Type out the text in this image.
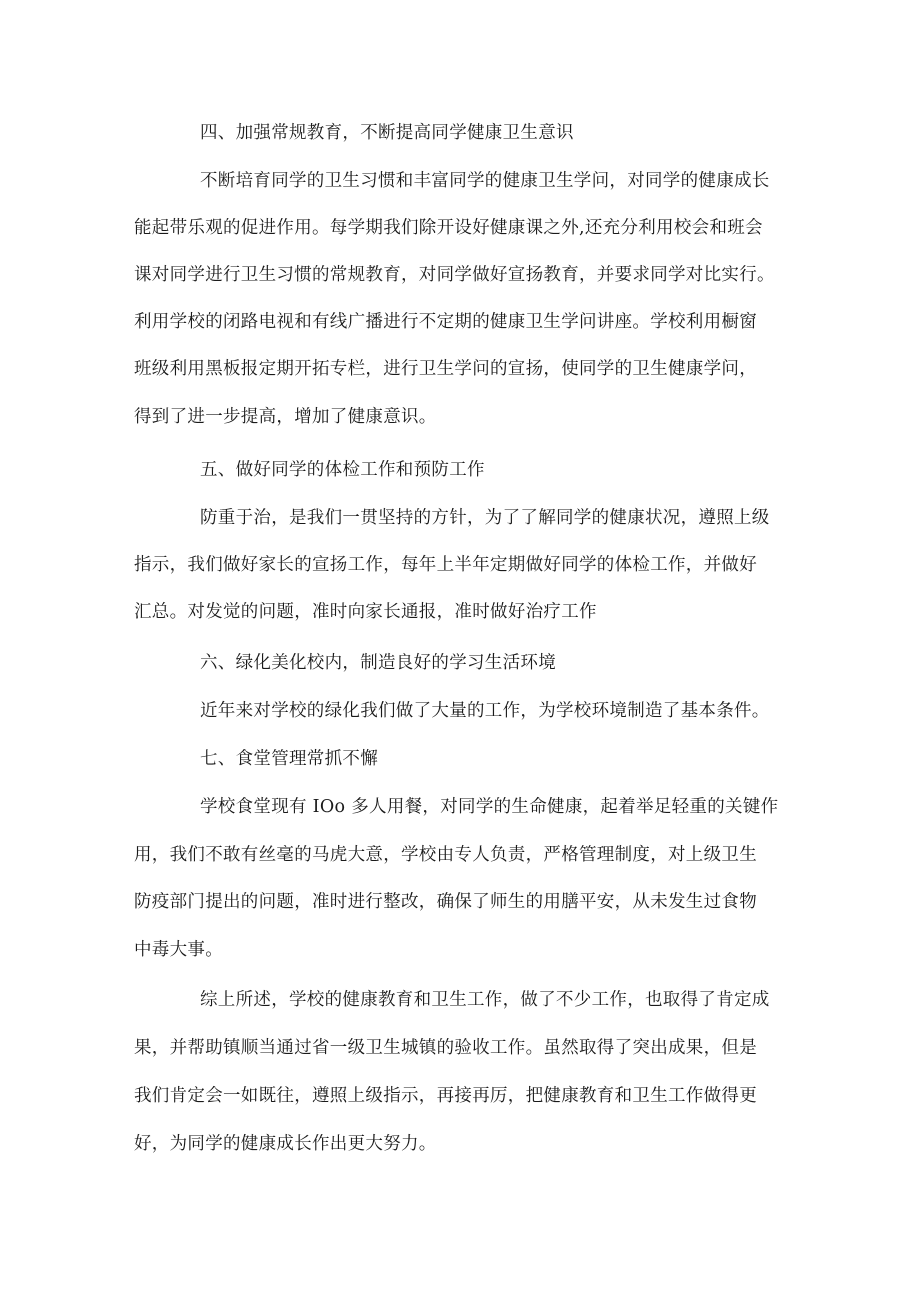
四、加强常规教育，不断提高同学健康卫生意识
不断培育同学的卫生习惯和丰富同学的健康卫生学问，对同学的健康成长
能起带乐观的促进作用。每学期我们除开设好健康课之外,还充分利用校会和班会
课对同学进行卫生习惯的常规教育，对同学做好宣扬教育，并要求同学对比实行。
利用学校的闭路电视和有线广播进行不定期的健康卫生学问讲座。学校利用橱窗
班级利用黑板报定期开拓专栏，进行卫生学问的宣扬，使同学的卫生健康学问，
得到了进一步提高，增加了健康意识。
五、做好同学的体检工作和预防工作
防重于治，是我们一贯坚持的方针，为了了解同学的健康状况，遵照上级
指示，我们做好家长的宣扬工作，每年上半年定期做好同学的体检工作，并做好
汇总。对发觉的问题，准时向家长通报，准时做好治疗工作
六、绿化美化校内，制造良好的学习生活环境
近年来对学校的绿化我们做了大量的工作，为学校环境制造了基本条件。
七、食堂管理常抓不懈
学校食堂现有 IOo 多人用餐，对同学的生命健康，起着举足轻重的关键作
用，我们不敢有丝毫的马虎大意，学校由专人负责，严格管理制度，对上级卫生
防疫部门提出的问题，准时进行整改，确保了师生的用膳平安，从未发生过食物
中毒大事。
综上所述，学校的健康教育和卫生工作，做了不少工作，也取得了肯定成
果，并帮助镇顺当通过省一级卫生城镇的验收工作。虽然取得了突出成果，但是
我们肯定会一如既往，遵照上级指示，再接再厉，把健康教育和卫生工作做得更
好，为同学的健康成长作出更大努力。
